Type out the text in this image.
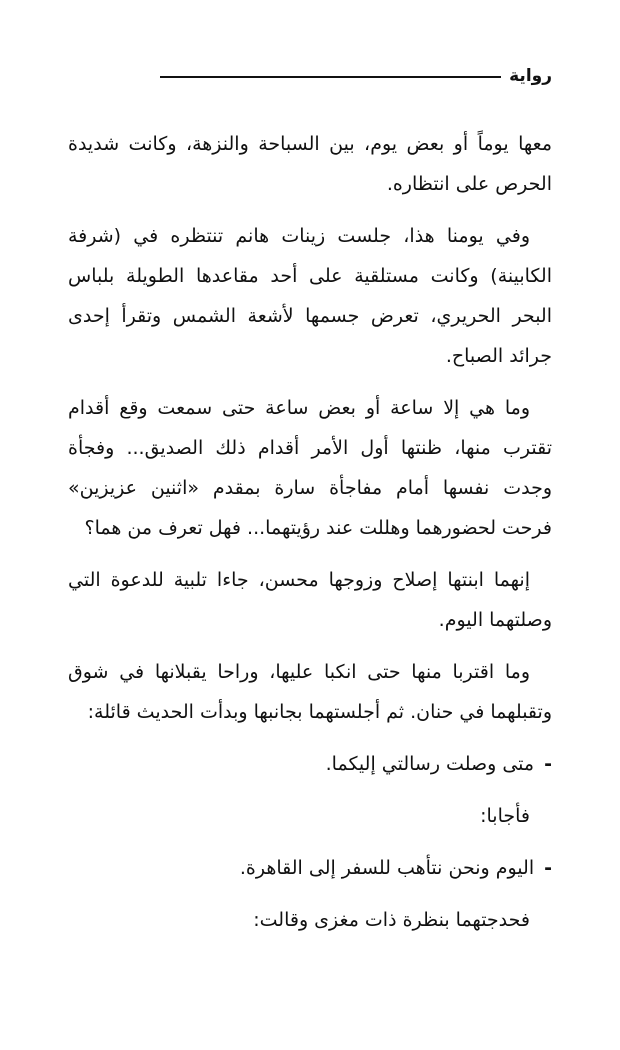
رواية

معها يوماً أو بعض يوم، بين السباحة والنزهة، وكانت شديدة الحرص على انتظاره.

وفي يومنا هذا، جلست زينات هانم تنتظره في (شرفة الكابينة) وكانت مستلقية على أحد مقاعدها الطويلة بلباس البحر الحريري، تعرض جسمها لأشعة الشمس وتقرأ إحدى جرائد الصباح.

وما هي إلا ساعة أو بعض ساعة حتى سمعت وقع أقدام تقترب منها، ظنتها أول الأمر أقدام ذلك الصديق... وفجأة وجدت نفسها أمام مفاجأة سارة بمقدم «اثنين عزيزين» فرحت لحضورهما وهللت عند رؤيتهما... فهل تعرف من هما؟

إنهما ابنتها إصلاح وزوجها محسن، جاءا تلبية للدعوة التي وصلتهما اليوم.

وما اقتربا منها حتى انكبا عليها، وراحا يقبلانها في شوق وتقبلهما في حنان. ثم أجلستهما بجانبها وبدأت الحديث قائلة:

-
متى وصلت رسالتي إليكما.

فأجابا:

-
اليوم ونحن نتأهب للسفر إلى القاهرة.

فحدجتهما بنظرة ذات مغزى وقالت:
